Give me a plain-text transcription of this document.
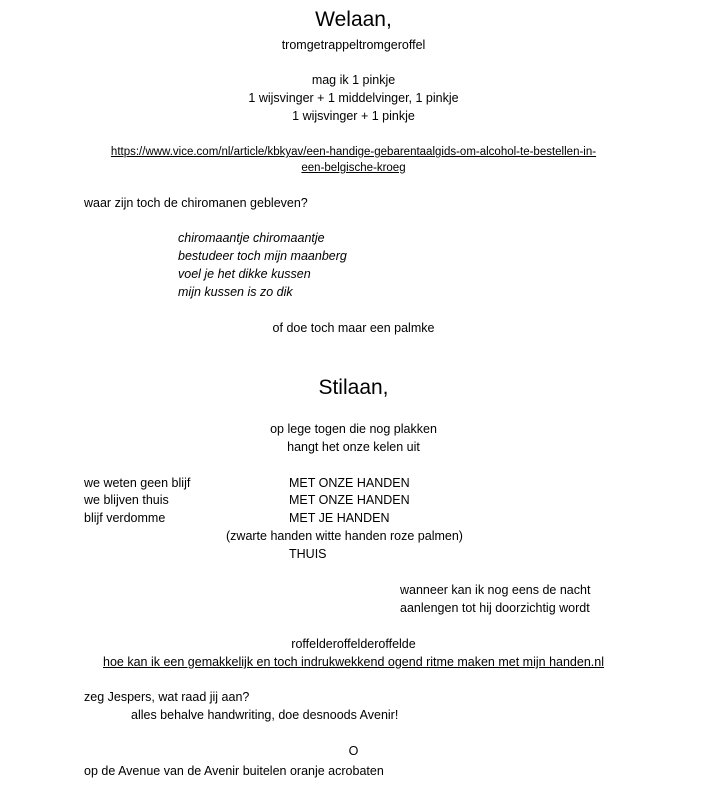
Welaan,
tromgetrappeltromgeroffel
mag ik 1 pinkje
1 wijsvinger + 1 middelvinger, 1 pinkje
1 wijsvinger + 1 pinkje
https://www.vice.com/nl/article/kbkyav/een-handige-gebarentaalgids-om-alcohol-te-bestellen-in-
een-belgische-kroeg
waar zijn toch de chiromanen gebleven?
chiromaantje chiromaantje
bestudeer toch mijn maanberg
voel je het dikke kussen
mijn kussen is zo dik
of doe toch maar een palmke
Stilaan,
op lege togen die nog plakken
hangt het onze kelen uit
we weten geen blijf
we blijven thuis
blijf verdomme
MET ONZE HANDEN
MET ONZE HANDEN
MET JE HANDEN
(zwarte handen witte handen roze palmen)
THUIS
wanneer kan ik nog eens de nacht
aanlengen tot hij doorzichtig wordt
roffelderoffelderoffelde
hoe kan ik een gemakkelijk en toch indrukwekkend ogend ritme maken met mijn handen.nl
zeg Jespers, wat raad jij aan?
alles behalve handwriting, doe desnoods Avenir!
O
op de Avenue van de Avenir buitelen oranje acrobaten
